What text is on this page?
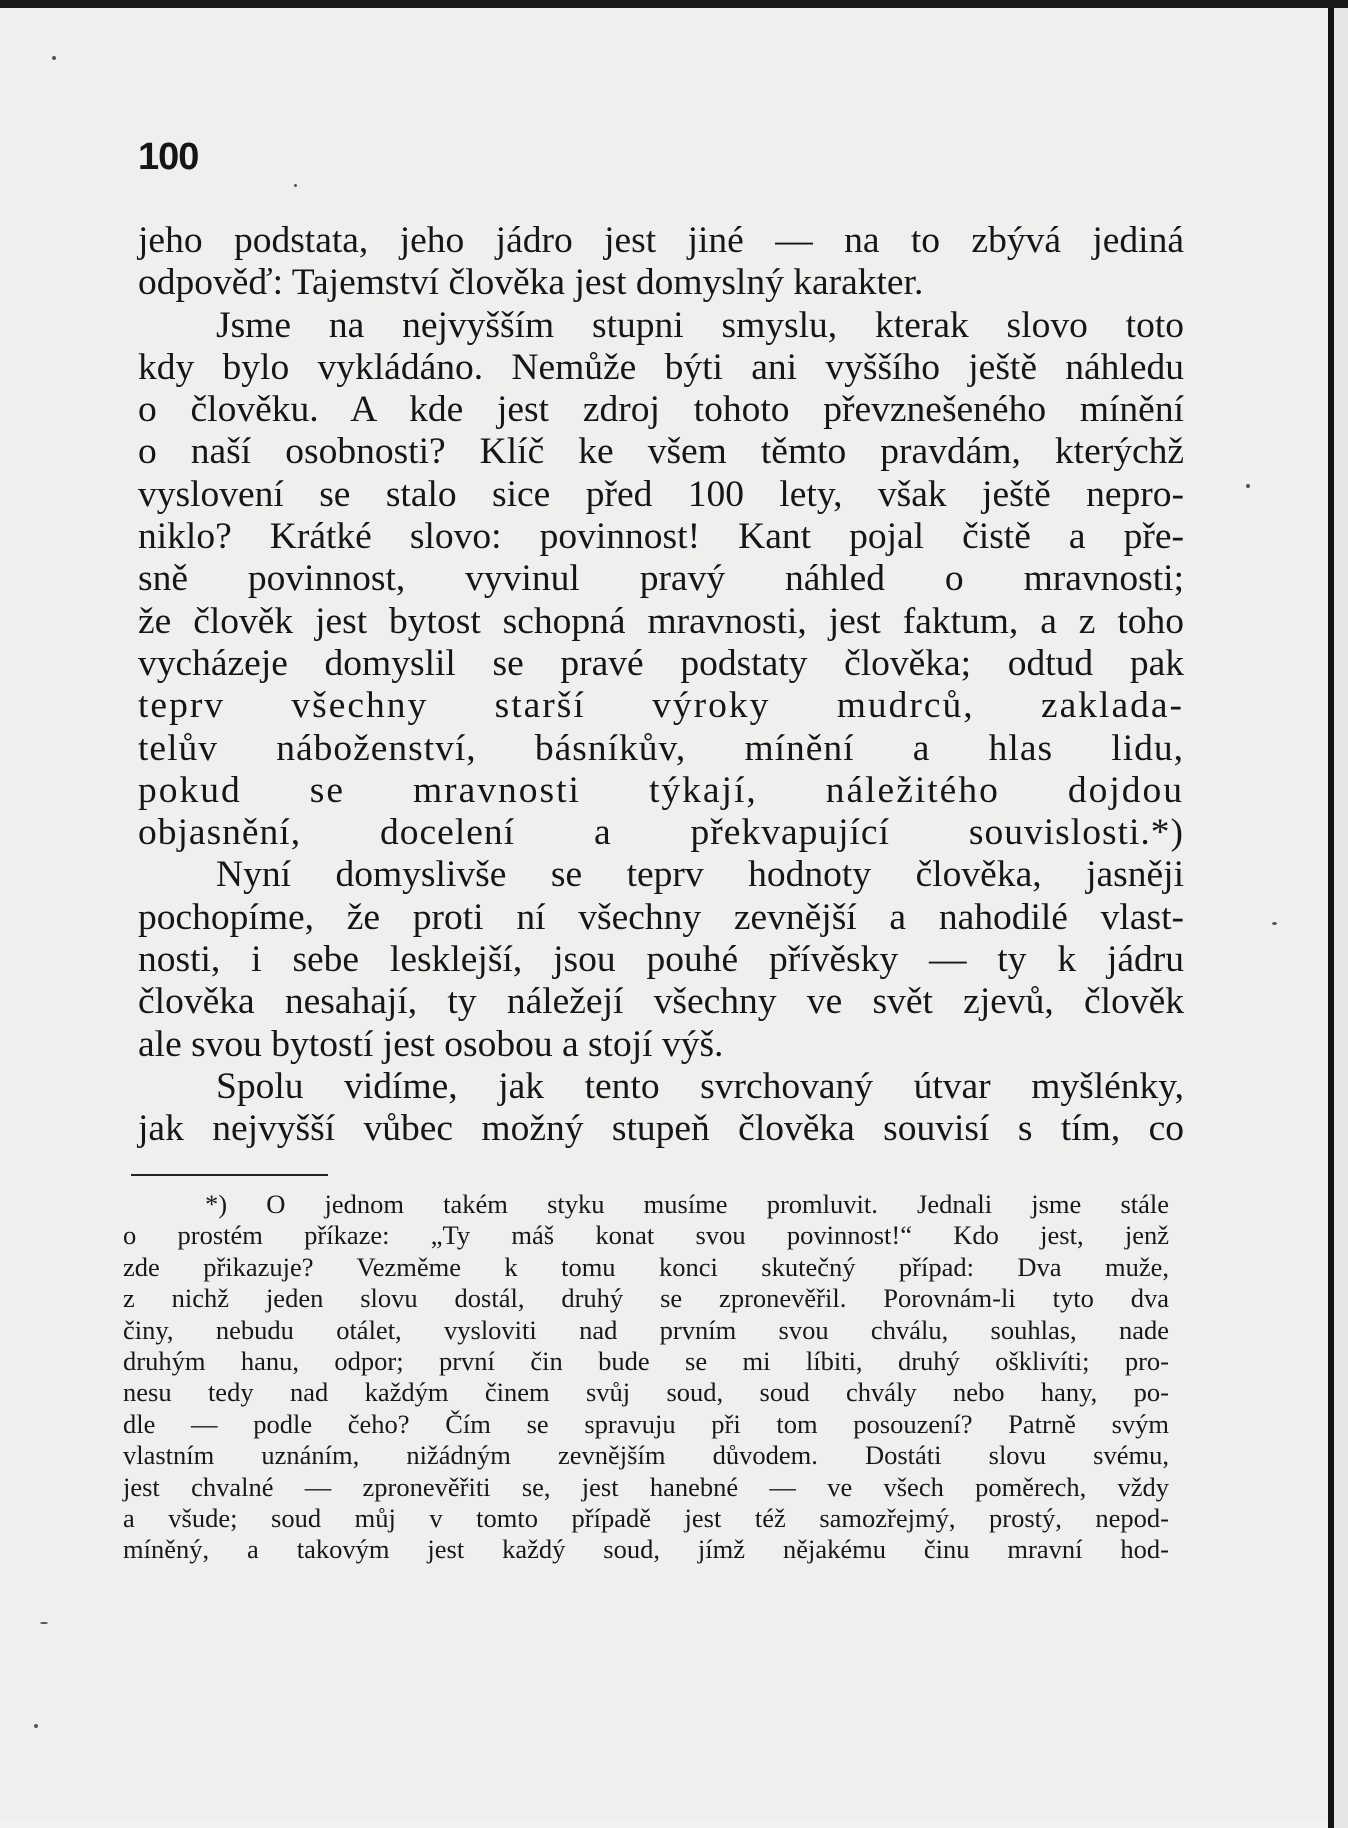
100
jeho podstata, jeho jádro jest jiné — na to zbývá jediná
odpověď: Tajemství člověka jest domyslný karakter.
Jsme na nejvyšším stupni smyslu, kterak slovo toto
kdy bylo vykládáno. Nemůže býti ani vyššího ještě náhledu
o člověku. A kde jest zdroj tohoto převznešeného mínění
o naší osobnosti? Klíč ke všem těmto pravdám, kterýchž
vyslovení se stalo sice před 100 lety, však ještě nepro-
niklo? Krátké slovo: povinnost! Kant pojal čistě a pře-
sně povinnost, vyvinul pravý náhled o mravnosti;
že člověk jest bytost schopná mravnosti, jest faktum, a z toho
vycházeje domyslil se pravé podstaty člověka; odtud pak
teprv všechny starší výroky mudrců, zaklada-
telův náboženství, básníkův, mínění a hlas lidu,
pokud se mravnosti týkají, náležitého dojdou
objasnění, docelení a překvapující souvislosti.*)
Nyní domyslivše se teprv hodnoty člověka, jasněji
pochopíme, že proti ní všechny zevnější a nahodilé vlast-
nosti, i sebe lesklejší, jsou pouhé přívěsky — ty k jádru
člověka nesahají, ty náležejí všechny ve svět zjevů, člověk
ale svou bytostí jest osobou a stojí výš.
Spolu vidíme, jak tento svrchovaný útvar myšlénky,
jak nejvyšší vůbec možný stupeň člověka souvisí s tím, co
*) O jednom takém styku musíme promluvit. Jednali jsme stále
o prostém příkaze: „Ty máš konat svou povinnost!“ Kdo jest, jenž
zde přikazuje? Vezměme k tomu konci skutečný případ: Dva muže,
z nichž jeden slovu dostál, druhý se zpronevěřil. Porovnám-li tyto dva
činy, nebudu otálet, vysloviti nad prvním svou chválu, souhlas, nade
druhým hanu, odpor; první čin bude se mi líbiti, druhý ošklivíti; pro-
nesu tedy nad každým činem svůj soud, soud chvály nebo hany, po-
dle — podle čeho? Čím se spravuju při tom posouzení? Patrně svým
vlastním uznáním, nižádným zevnějším důvodem. Dostáti slovu svému,
jest chvalné — zpronevěřiti se, jest hanebné — ve všech poměrech, vždy
a všude; soud můj v tomto případě jest též samozřejmý, prostý, nepod-
míněný, a takovým jest každý soud, jímž nějakému činu mravní hod-
